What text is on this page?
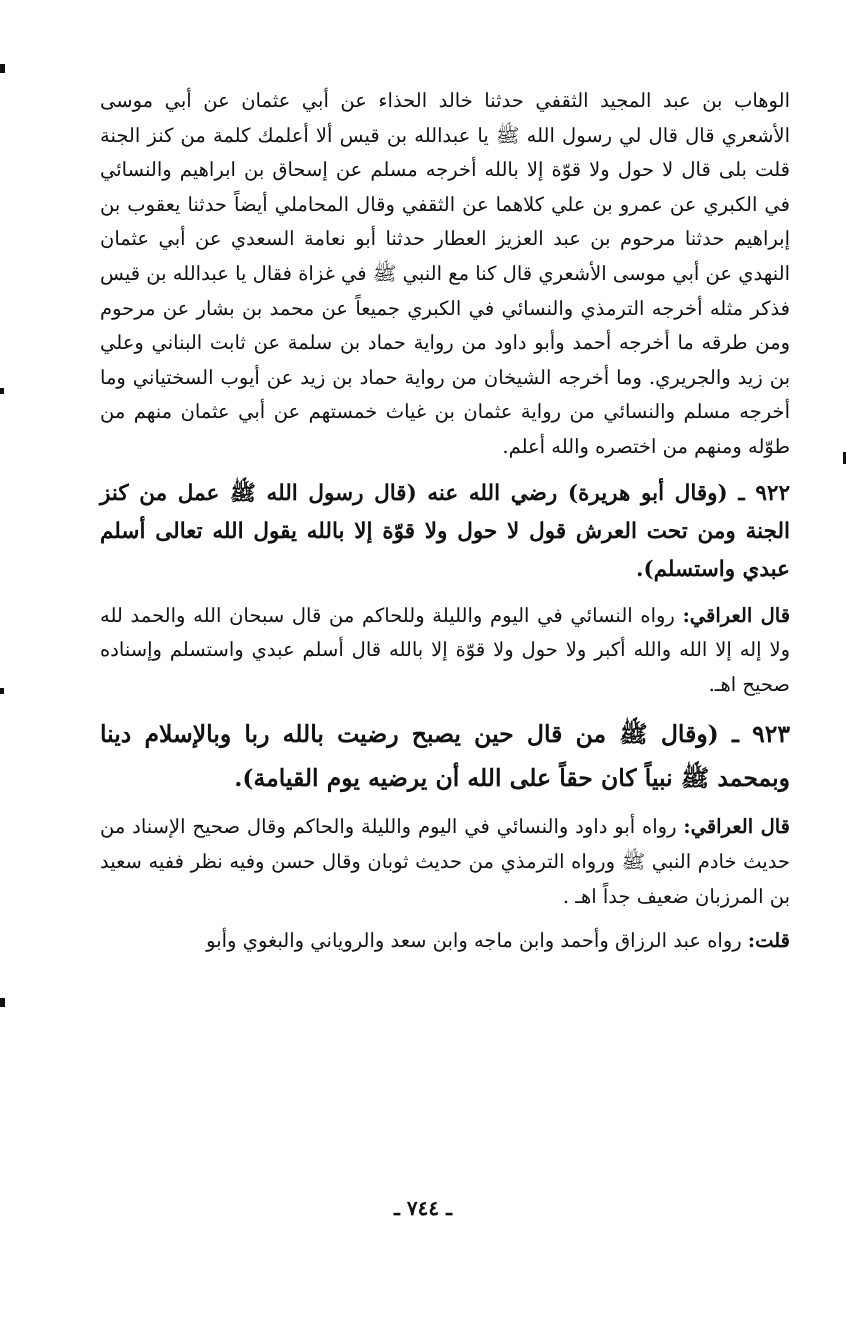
الوهاب بن عبد المجيد الثقفي حدثنا خالد الحذاء عن أبي عثمان عن أبي موسى الأشعري قال قال لي رسول الله ﷺ يا عبدالله بن قيس ألا أعلمك كلمة من كنز الجنة قلت بلى قال لا حول ولا قوّة إلا بالله أخرجه مسلم عن إسحاق بن ابراهيم والنسائي في الكبري عن عمرو بن علي كلاهما عن الثقفي وقال المحاملي أيضاً حدثنا يعقوب بن إبراهيم حدثنا مرحوم بن عبد العزيز العطار حدثنا أبو نعامة السعدي عن أبي عثمان النهدي عن أبي موسى الأشعري قال كنا مع النبي ﷺ في غزاة فقال يا عبدالله بن قيس فذكر مثله أخرجه الترمذي والنسائي في الكبري جميعاً عن محمد بن بشار عن مرحوم ومن طرقه ما أخرجه أحمد وأبو داود من رواية حماد بن سلمة عن ثابت البناني وعلي بن زيد والجريري. وما أخرجه الشيخان من رواية حماد بن زيد عن أيوب السختياني وما أخرجه مسلم والنسائي من رواية عثمان بن غياث خمستهم عن أبي عثمان منهم من طوّله ومنهم من اختصره والله أعلم.

٩٢٢ ـ (وقال أبو هريرة) رضي الله عنه (قال رسول الله ﷺ عمل من كنز الجنة ومن تحت العرش قول لا حول ولا قوّة إلا بالله يقول الله تعالى أسلم عبدي واستسلم).

قال العراقي: رواه النسائي في اليوم والليلة وللحاكم من قال سبحان الله والحمد لله ولا إله إلا الله والله أكبر ولا حول ولا قوّة إلا بالله قال أسلم عبدي واستسلم وإسناده صحيح اهـ.

٩٢٣ ـ (وقال ﷺ من قال حين يصبح رضيت بالله ربا وبالإسلام دينا وبمحمد ﷺ نبياً كان حقاً على الله أن يرضيه يوم القيامة).

قال العراقي: رواه أبو داود والنسائي في اليوم والليلة والحاكم وقال صحيح الإسناد من حديث خادم النبي ﷺ ورواه الترمذي من حديث ثوبان وقال حسن وفيه نظر ففيه سعيد بن المرزبان ضعيف جداً اهـ .

قلت: رواه عبد الرزاق وأحمد وابن ماجه وابن سعد والروياني والبغوي وأبو

ـ ٧٤٤ ـ
